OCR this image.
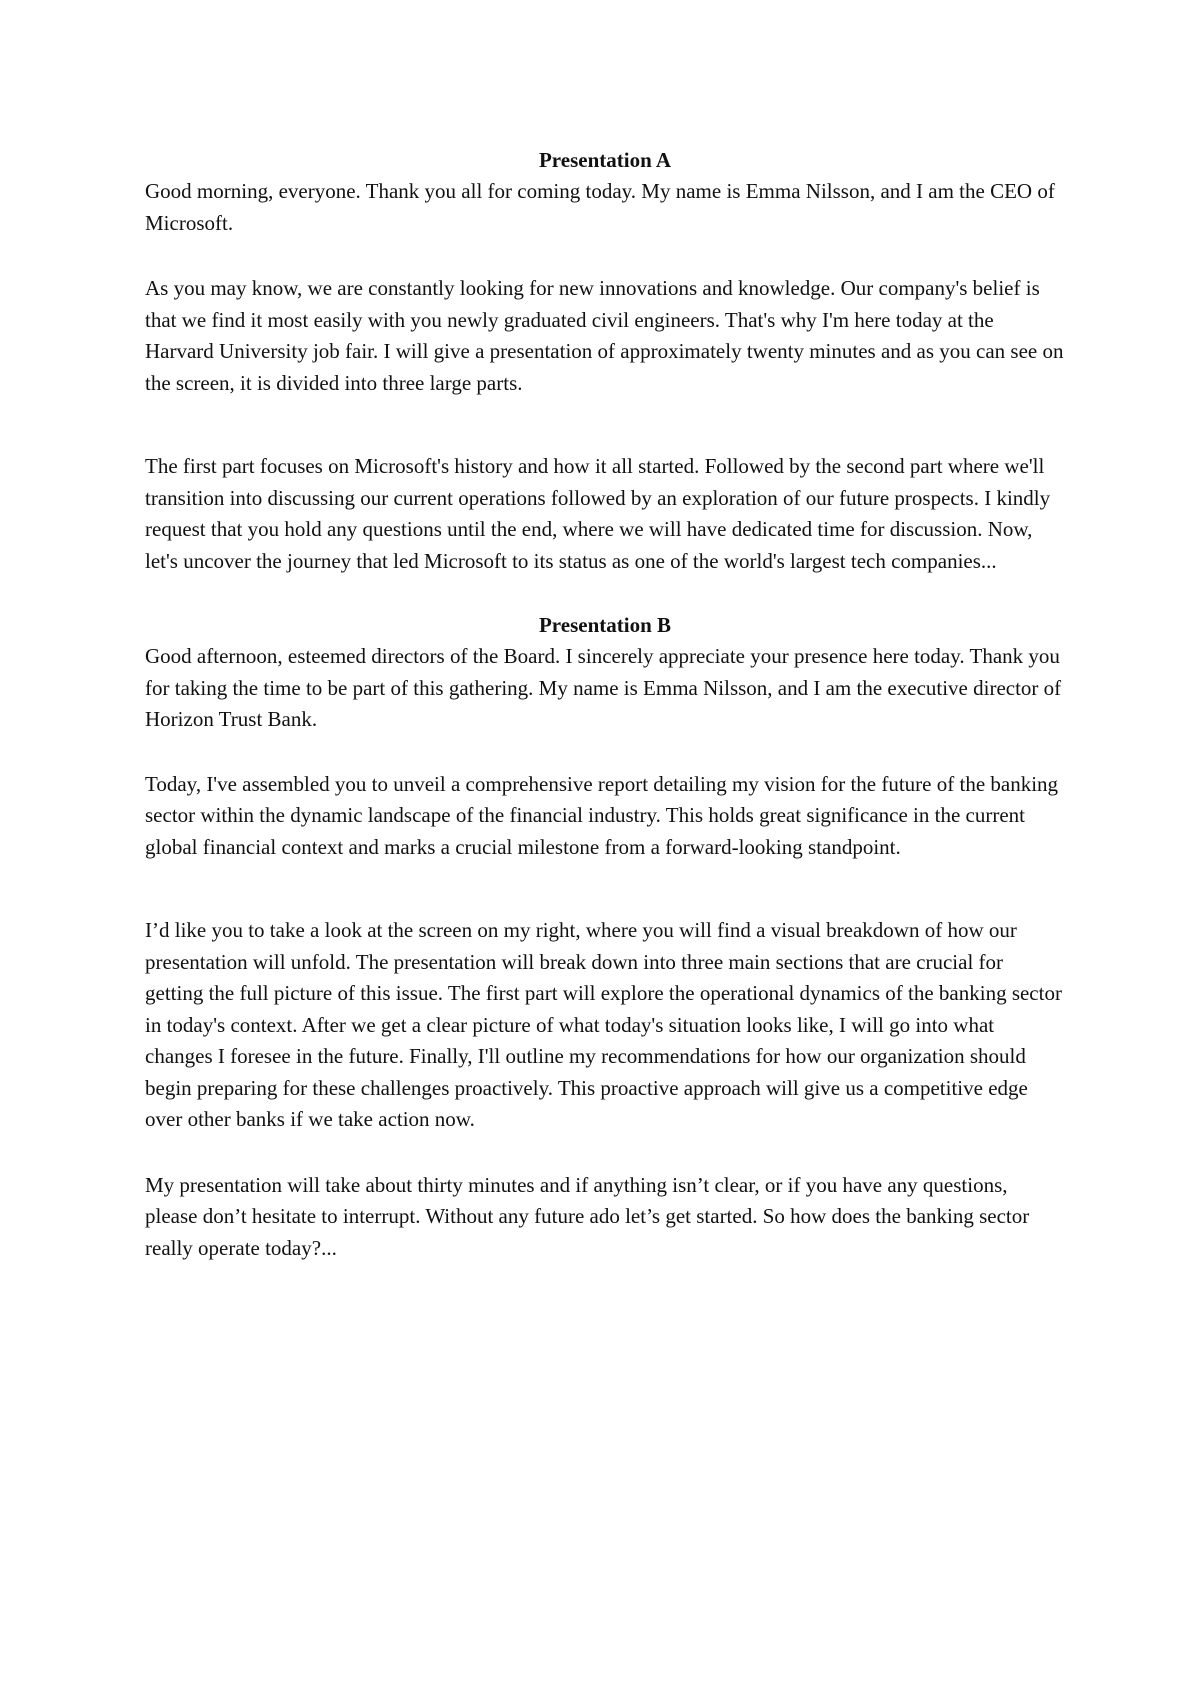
Presentation A

Good morning, everyone. Thank you all for coming today. My name is Emma Nilsson, and I am the CEO of Microsoft.

As you may know, we are constantly looking for new innovations and knowledge. Our company's belief is that we find it most easily with you newly graduated civil engineers. That's why I'm here today at the Harvard University job fair. I will give a presentation of approximately twenty minutes and as you can see on the screen, it is divided into three large parts.

The first part focuses on Microsoft's history and how it all started. Followed by the second part where we'll transition into discussing our current operations followed by an exploration of our future prospects. I kindly request that you hold any questions until the end, where we will have dedicated time for discussion. Now, let's uncover the journey that led Microsoft to its status as one of the world's largest tech companies...

Presentation B

Good afternoon, esteemed directors of the Board. I sincerely appreciate your presence here today. Thank you for taking the time to be part of this gathering. My name is Emma Nilsson, and I am the executive director of Horizon Trust Bank.

Today, I've assembled you to unveil a comprehensive report detailing my vision for the future of the banking sector within the dynamic landscape of the financial industry. This holds great significance in the current global financial context and marks a crucial milestone from a forward-looking standpoint.

I’d like you to take a look at the screen on my right, where you will find a visual breakdown of how our presentation will unfold. The presentation will break down into three main sections that are crucial for getting the full picture of this issue. The first part will explore the operational dynamics of the banking sector in today's context. After we get a clear picture of what today's situation looks like, I will go into what changes I foresee in the future. Finally, I'll outline my recommendations for how our organization should begin preparing for these challenges proactively. This proactive approach will give us a competitive edge over other banks if we take action now.

My presentation will take about thirty minutes and if anything isn’t clear, or if you have any questions, please don’t hesitate to interrupt. Without any future ado let’s get started. So how does the banking sector really operate today?...
